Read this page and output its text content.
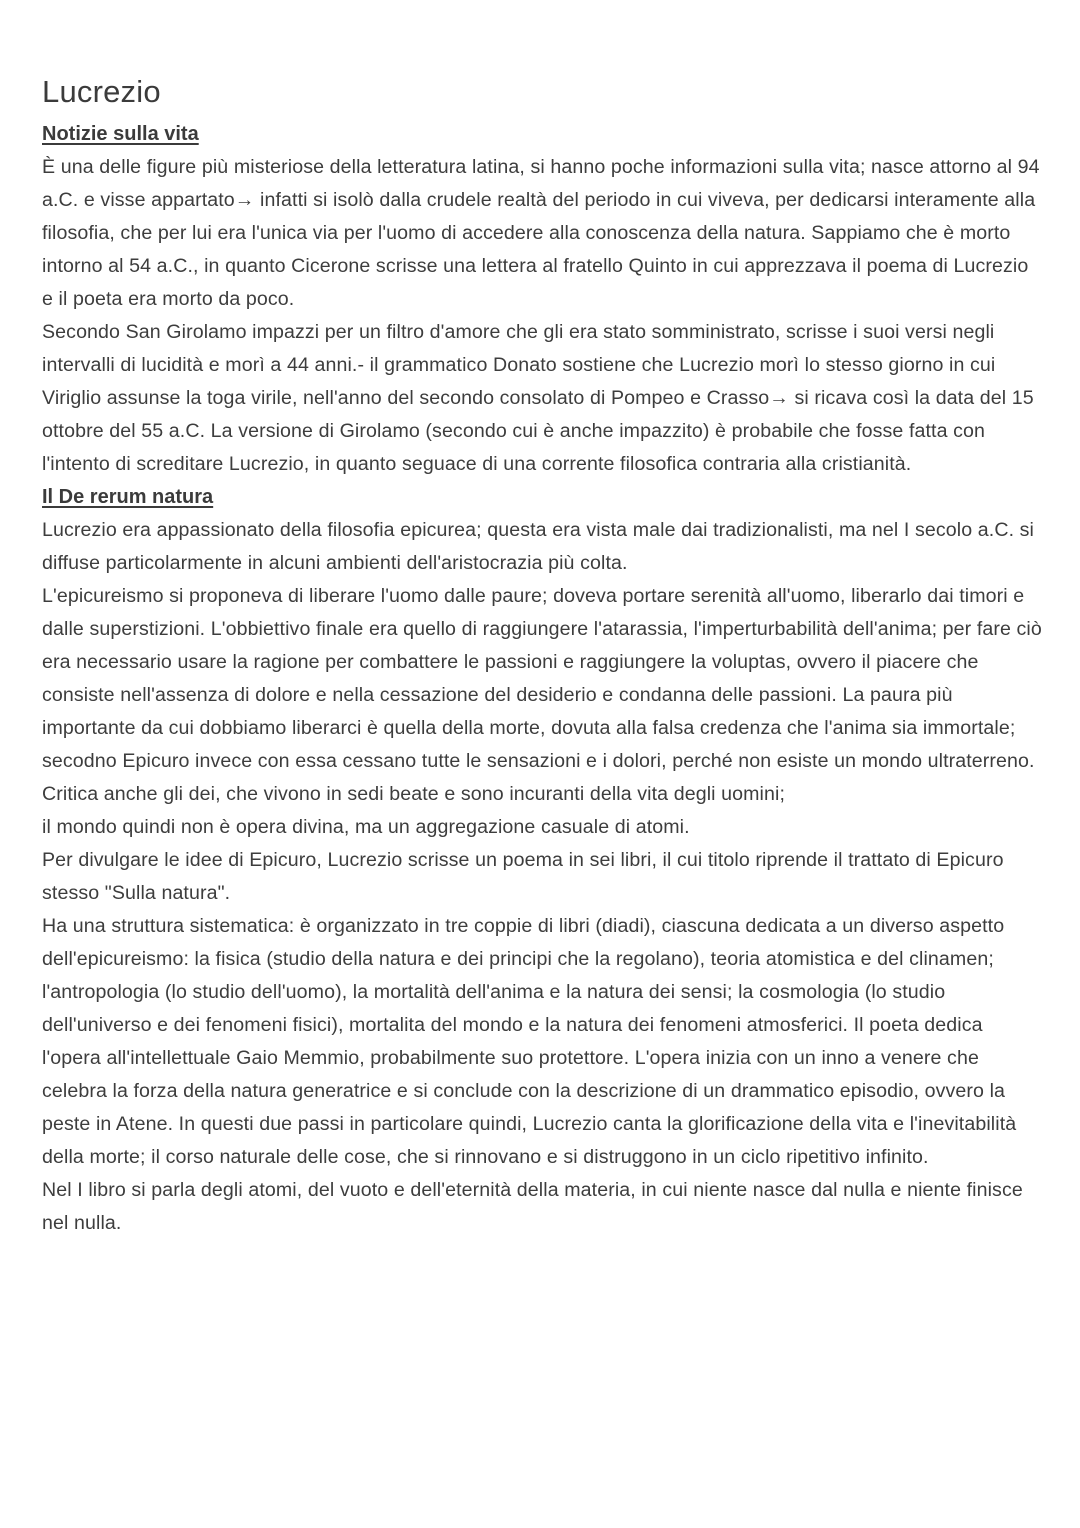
Lucrezio
Notizie sulla vita

È una delle figure più misteriose della letteratura latina, si hanno poche informazioni sulla vita; nasce attorno al 94 a.C. e visse appartato→ infatti si isolò dalla crudele realtà del periodo in cui viveva, per dedicarsi interamente alla filosofia, che per lui era l'unica via per l'uomo di accedere alla conoscenza della natura. Sappiamo che è morto intorno al 54 a.C., in quanto Cicerone scrisse una lettera al fratello Quinto in cui apprezzava il poema di Lucrezio e il poeta era morto da poco.

Secondo San Girolamo impazzi per un filtro d'amore che gli era stato somministrato, scrisse i suoi versi negli intervalli di lucidità e morì a 44 anni.- il grammatico Donato sostiene che Lucrezio morì lo stesso giorno in cui Viriglio assunse la toga virile, nell'anno del secondo consolato di Pompeo e Crasso→ si ricava così la data del 15 ottobre del 55 a.C. La versione di Girolamo (secondo cui è anche impazzito) è probabile che fosse fatta con l'intento di screditare Lucrezio, in quanto seguace di una corrente filosofica contraria alla cristianità.

Il De rerum natura

Lucrezio era appassionato della filosofia epicurea; questa era vista male dai tradizionalisti, ma nel I secolo a.C. si diffuse particolarmente in alcuni ambienti dell'aristocrazia più colta.

L'epicureismo si proponeva di liberare l'uomo dalle paure; doveva portare serenità all'uomo, liberarlo dai timori e dalle superstizioni. L'obbiettivo finale era quello di raggiungere l'atarassia, l'imperturbabilità dell'anima; per fare ciò era necessario usare la ragione per combattere le passioni e raggiungere la voluptas, ovvero il piacere che consiste nell'assenza di dolore e nella cessazione del desiderio e condanna delle passioni. La paura più importante da cui dobbiamo liberarci è quella della morte, dovuta alla falsa credenza che l'anima sia immortale; secodno Epicuro invece con essa cessano tutte le sensazioni e i dolori, perché non esiste un mondo ultraterreno. Critica anche gli dei, che vivono in sedi beate e sono incuranti della vita degli uomini;

il mondo quindi non è opera divina, ma un aggregazione casuale di atomi.

Per divulgare le idee di Epicuro, Lucrezio scrisse un poema in sei libri, il cui titolo riprende il trattato di Epicuro stesso "Sulla natura".

Ha una struttura sistematica: è organizzato in tre coppie di libri (diadi), ciascuna dedicata a un diverso aspetto dell'epicureismo: la fisica (studio della natura e dei principi che la regolano), teoria atomistica e del clinamen; l'antropologia (lo studio dell'uomo), la mortalità dell'anima e la natura dei sensi; la cosmologia (lo studio dell'universo e dei fenomeni fisici), mortalita del mondo e la natura dei fenomeni atmosferici. Il poeta dedica l'opera all'intellettuale Gaio Memmio, probabilmente suo protettore. L'opera inizia con un inno a venere che celebra la forza della natura generatrice e si conclude con la descrizione di un drammatico episodio, ovvero la peste in Atene. In questi due passi in particolare quindi, Lucrezio canta la glorificazione della vita e l'inevitabilità della morte; il corso naturale delle cose, che si rinnovano e si distruggono in un ciclo ripetitivo infinito.

Nel I libro si parla degli atomi, del vuoto e dell'eternità della materia, in cui niente nasce dal nulla e niente finisce nel nulla.
